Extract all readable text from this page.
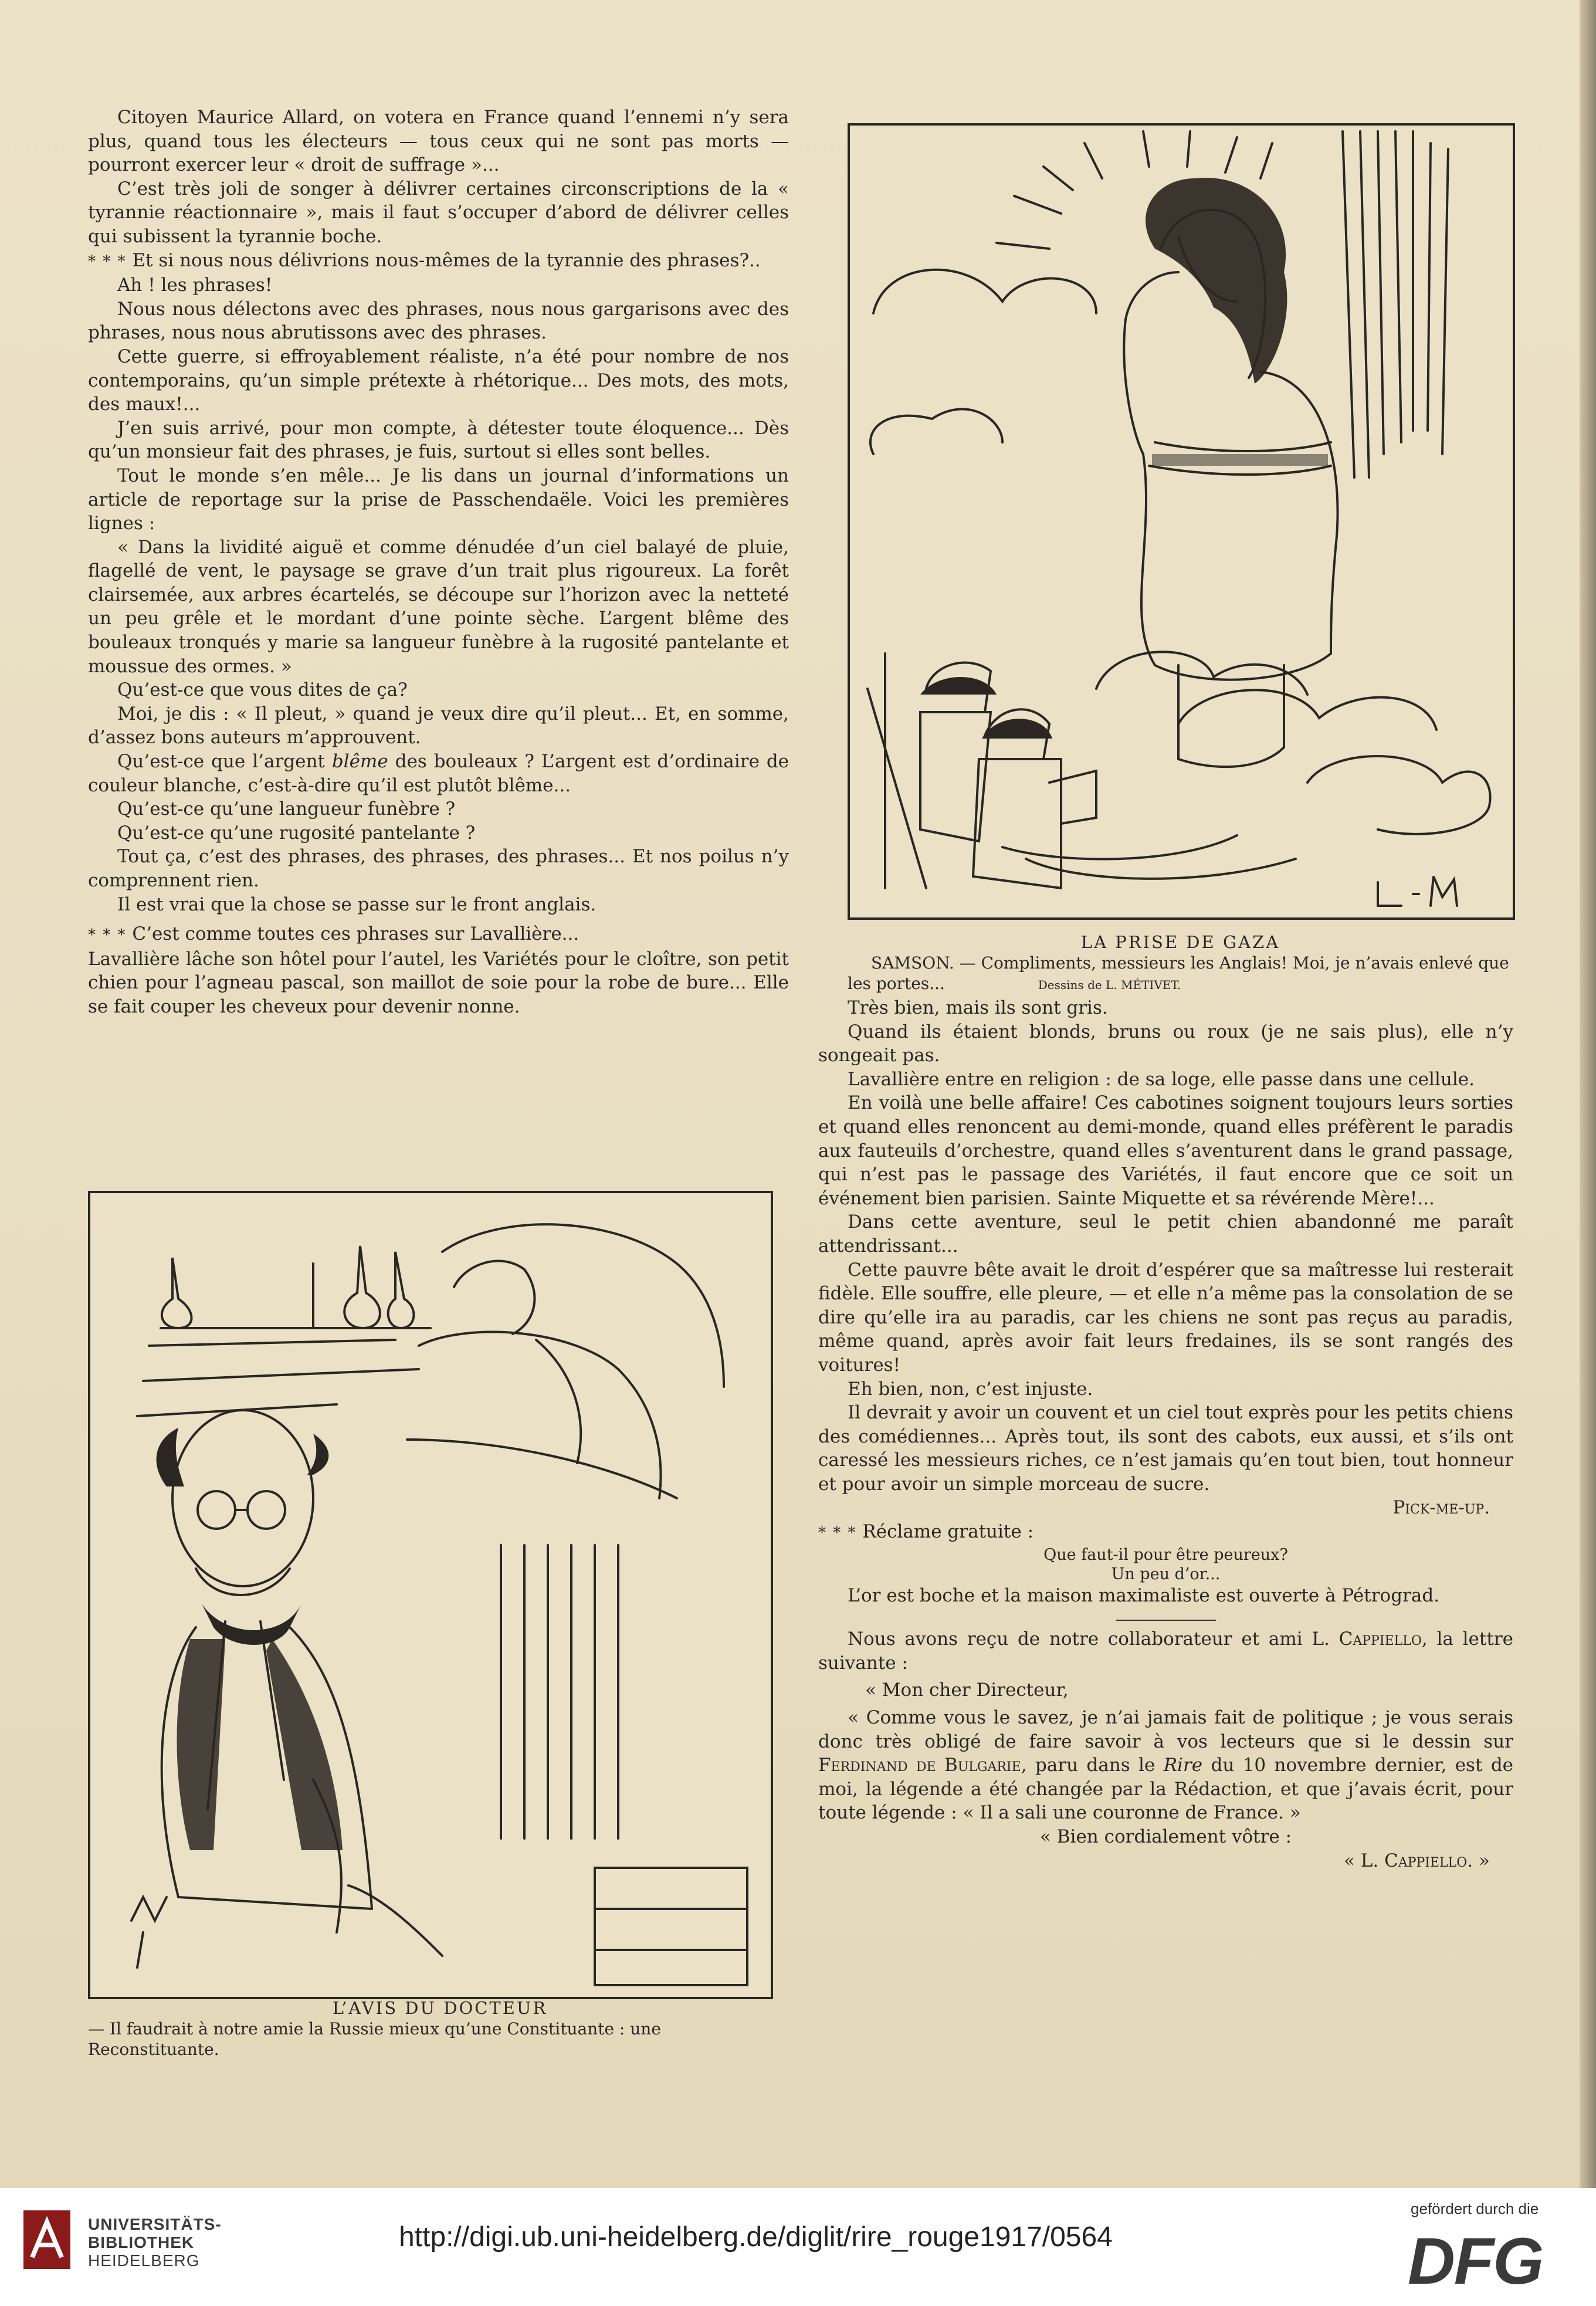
Citoyen Maurice Allard, on votera en France quand l’ennemi n’y sera plus, quand tous les électeurs — tous ceux qui ne sont pas morts — pourront exercer leur « droit de suffrage »...

C’est très joli de songer à délivrer certaines circonscriptions de la « tyrannie réactionnaire », mais il faut s’occuper d’abord de délivrer celles qui subissent la tyrannie boche.

* * * Et si nous nous délivrions nous-mêmes de la tyrannie des phrases?..

Ah ! les phrases!

Nous nous délectons avec des phrases, nous nous gargarisons avec des phrases, nous nous abrutissons avec des phrases.

Cette guerre, si effroyablement réaliste, n’a été pour nombre de nos contemporains, qu’un simple prétexte à rhétorique... Des mots, des mots, des maux!...

J’en suis arrivé, pour mon compte, à détester toute éloquence... Dès qu’un monsieur fait des phrases, je fuis, surtout si elles sont belles.

Tout le monde s’en mêle... Je lis dans un journal d’informations un article de reportage sur la prise de Passchendaële. Voici les premières lignes :

« Dans la lividité aiguë et comme dénudée d’un ciel balayé de pluie, flagellé de vent, le paysage se grave d’un trait plus rigoureux. La forêt clairsemée, aux arbres écartelés, se découpe sur l’horizon avec la netteté un peu grêle et le mordant d’une pointe sèche. L’argent blême des bouleaux tronqués y marie sa langueur funèbre à la rugosité pantelante et moussue des ormes. »

Qu’est-ce que vous dites de ça?

Moi, je dis : « Il pleut, » quand je veux dire qu’il pleut... Et, en somme, d’assez bons auteurs m’approuvent.

Qu’est-ce que l’argent blême des bouleaux ? L’argent est d’ordinaire de couleur blanche, c’est-à-dire qu’il est plutôt blême...

Qu’est-ce qu’une langueur funèbre ?

Qu’est-ce qu’une rugosité pantelante ?

Tout ça, c’est des phrases, des phrases, des phrases... Et nos poilus n’y comprennent rien.

Il est vrai que la chose se passe sur le front anglais.

* * * C’est comme toutes ces phrases sur Lavallière...

Lavallière lâche son hôtel pour l’autel, les Variétés pour le cloître, son petit chien pour l’agneau pascal, son maillot de soie pour la robe de bure... Elle se fait couper les cheveux pour devenir nonne.

LA PRISE DE GAZA
SAMSON. — Compliments, messieurs les Anglais! Moi, je n’avais enlevé que les portes...	Dessins de L. MÉTIVET.

Très bien, mais ils sont gris.

Quand ils étaient blonds, bruns ou roux (je ne sais plus), elle n’y songeait pas.

Lavallière entre en religion : de sa loge, elle passe dans une cellule.

En voilà une belle affaire! Ces cabotines soignent toujours leurs sorties et quand elles renoncent au demi-monde, quand elles préfèrent le paradis aux fauteuils d’orchestre, quand elles s’aventurent dans le grand passage, qui n’est pas le passage des Variétés, il faut encore que ce soit un événement bien parisien. Sainte Miquette et sa révérende Mère!...

Dans cette aventure, seul le petit chien abandonné me paraît attendrissant...

Cette pauvre bête avait le droit d’espérer que sa maîtresse lui resterait fidèle. Elle souffre, elle pleure, — et elle n’a même pas la consolation de se dire qu’elle ira au paradis, car les chiens ne sont pas reçus au paradis, même quand, après avoir fait leurs fredaines, ils se sont rangés des voitures!

Eh bien, non, c’est injuste.

Il devrait y avoir un couvent et un ciel tout exprès pour les petits chiens des comédiennes... Après tout, ils sont des cabots, eux aussi, et s’ils ont caressé les messieurs riches, ce n’est jamais qu’en tout bien, tout honneur et pour avoir un simple morceau de sucre.

Pick-me-up.

* * * Réclame gratuite :

Que faut-il pour être peureux?

Un peu d’or...

L’or est boche et la maison maximaliste est ouverte à Pétrograd.

Nous avons reçu de notre collaborateur et ami L. Cappiello, la lettre suivante :

« Mon cher Directeur,

« Comme vous le savez, je n’ai jamais fait de politique ; je vous serais donc très obligé de faire savoir à vos lecteurs que si le dessin sur Ferdinand de Bulgarie, paru dans le Rire du 10 novembre dernier, est de moi, la légende a été changée par la Rédaction, et que j’avais écrit, pour toute légende : « Il a sali une couronne de France. »

« Bien cordialement vôtre :

« L. Cappiello. »

L’AVIS DU DOCTEUR
— Il faudrait à notre amie la Russie mieux qu’une Constituante : une Reconstituante.
UNIVERSITÄTS-
BIBLIOTHEK
HEIDELBERG
http://digi.ub.uni-heidelberg.de/diglit/rire_rouge1917/0564
gefördert durch die
DFG
